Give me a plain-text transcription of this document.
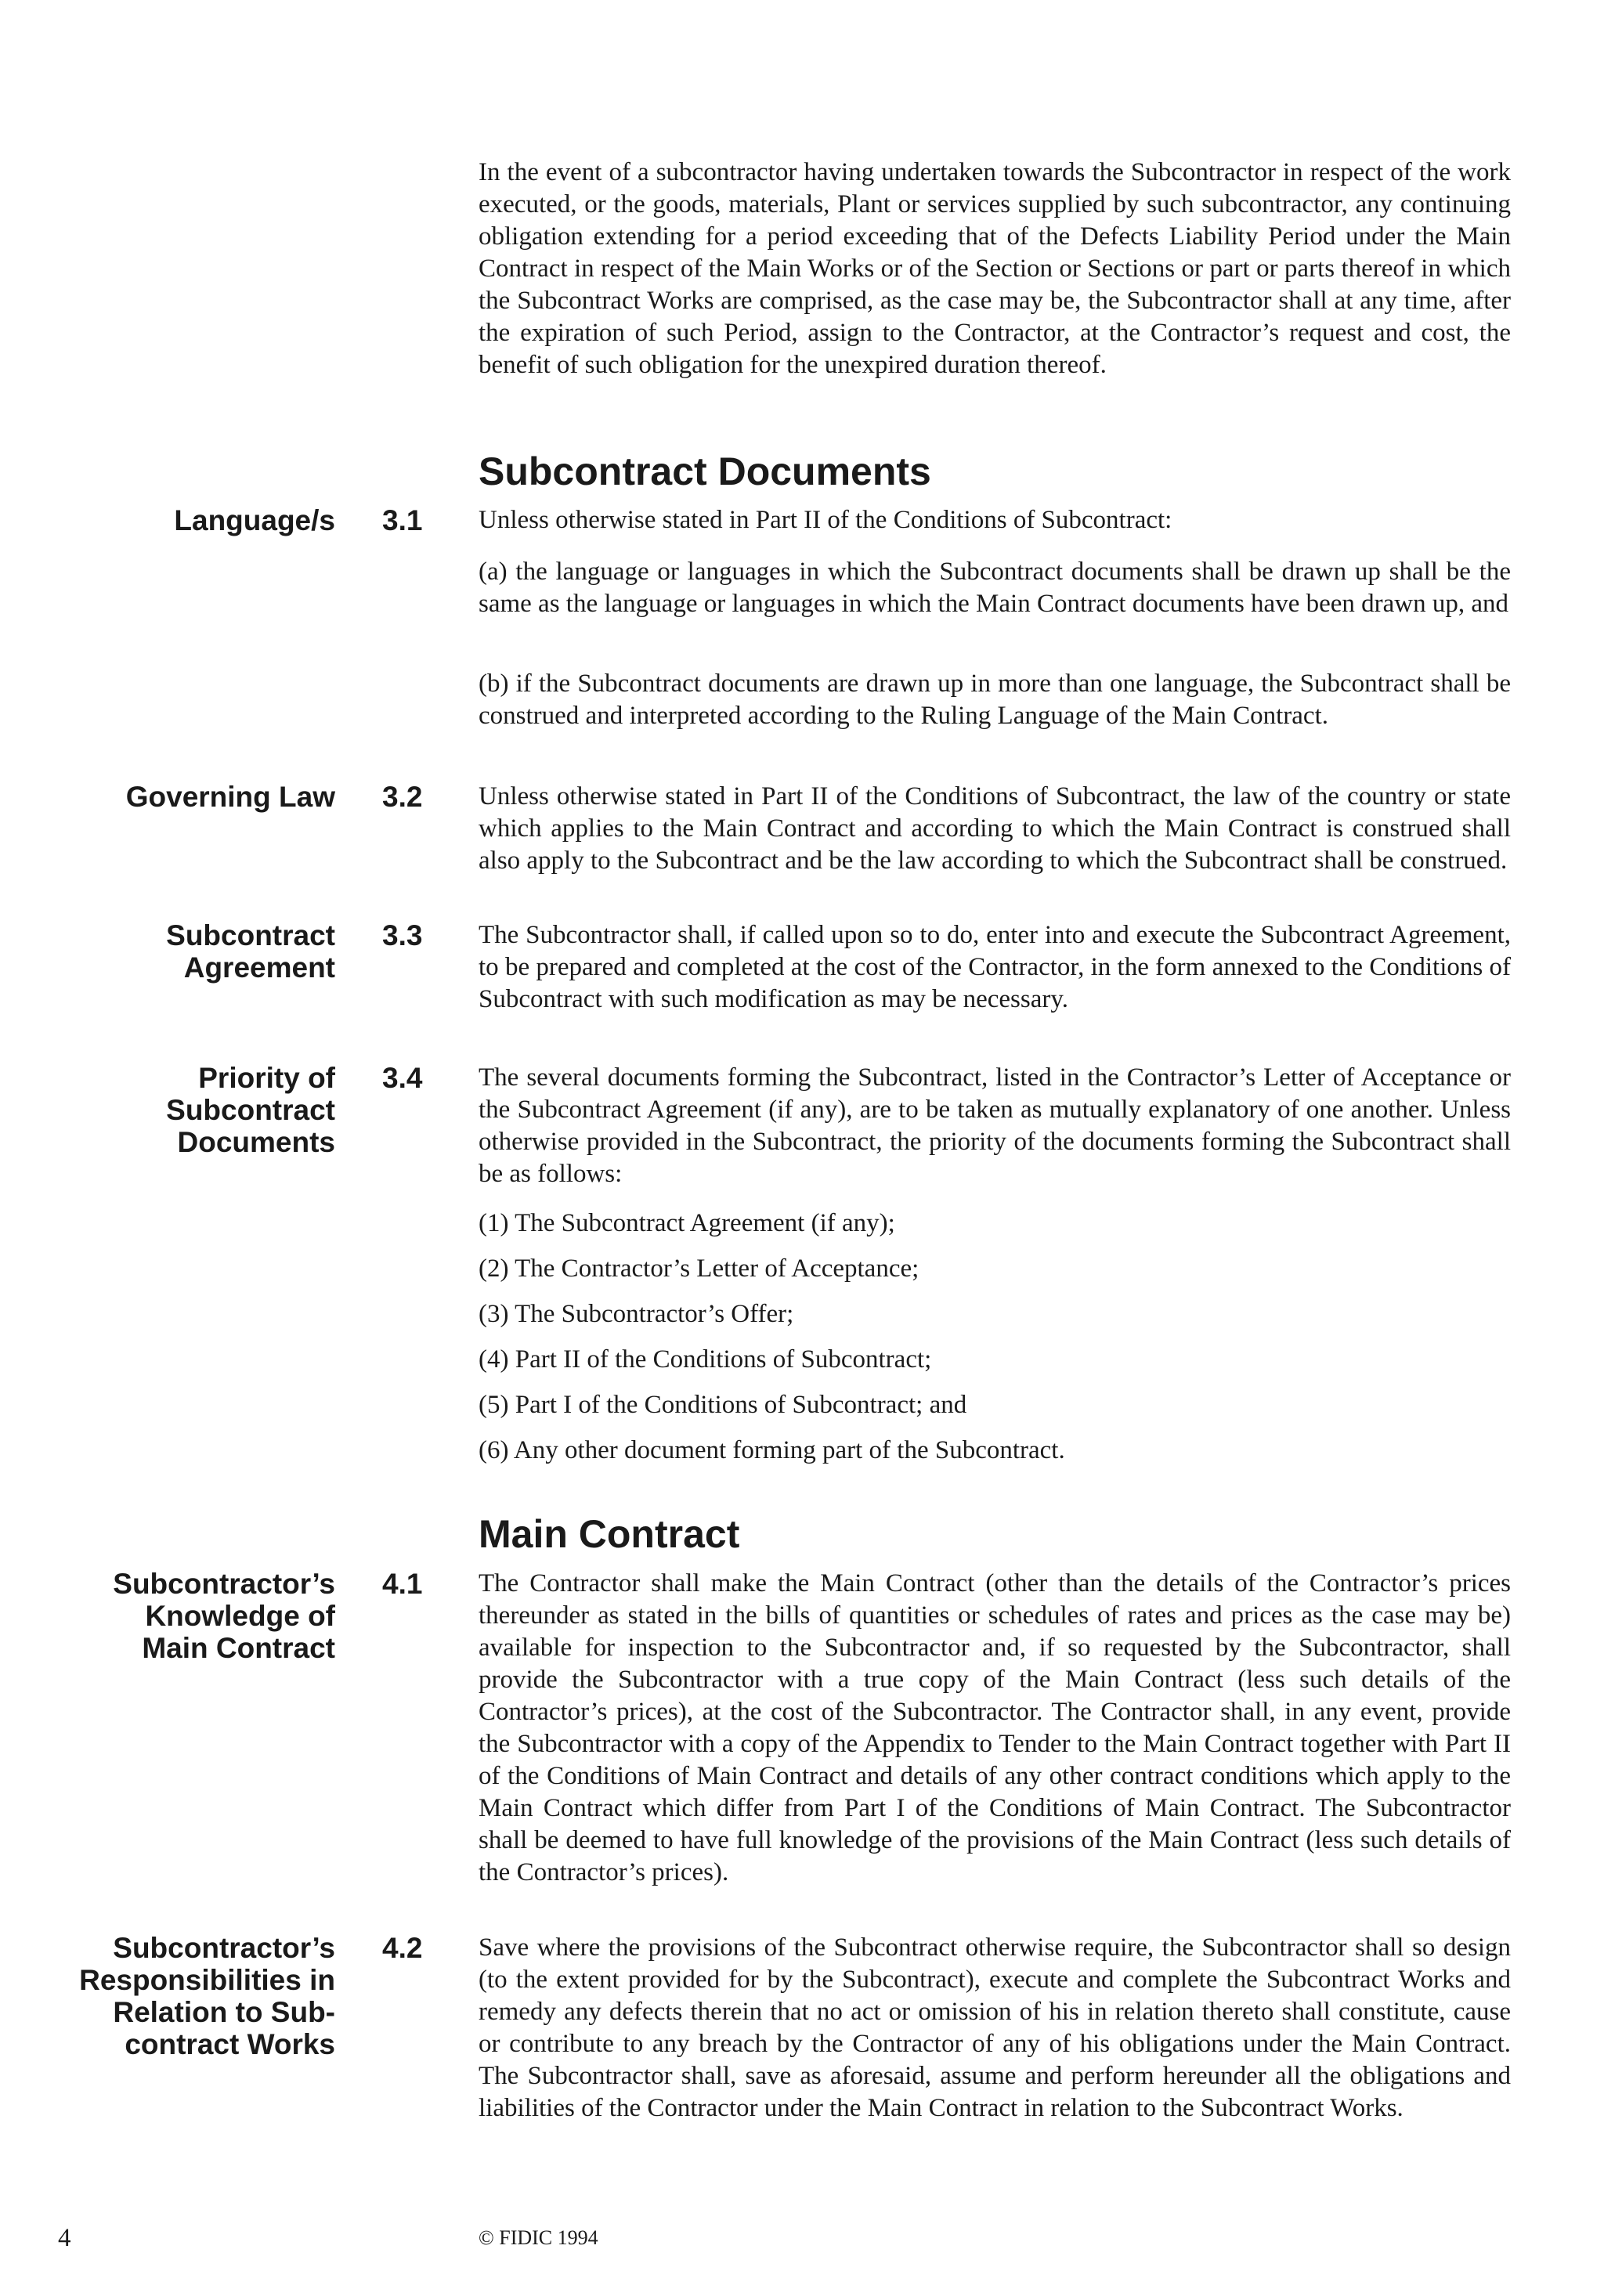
In the event of a subcontractor having undertaken towards the Subcontractor in respect of the work executed, or the goods, materials, Plant or services supplied by such subcontractor, any continuing obligation extending for a period exceeding that of the Defects Liability Period under the Main Contract in respect of the Main Works or of the Section or Sections or part or parts thereof in which the Subcontract Works are comprised, as the case may be, the Subcontractor shall at any time, after the expiration of such Period, assign to the Contractor, at the Contractor’s request and cost, the benefit of such obligation for the unexpired duration thereof.

Subcontract Documents

Language/s 3.1 Unless otherwise stated in Part II of the Conditions of Subcontract:

(a) the language or languages in which the Subcontract documents shall be drawn up shall be the same as the language or languages in which the Main Contract documents have been drawn up, and

(b) if the Subcontract documents are drawn up in more than one language, the Subcontract shall be construed and interpreted according to the Ruling Language of the Main Contract.

Governing Law 3.2 Unless otherwise stated in Part II of the Conditions of Subcontract, the law of the country or state which applies to the Main Contract and according to which the Main Contract is construed shall also apply to the Subcontract and be the law according to which the Subcontract shall be construed.

Subcontract
Agreement

3.3 The Subcontractor shall, if called upon so to do, enter into and execute the Subcontract Agreement, to be prepared and completed at the cost of the Contractor, in the form annexed to the Conditions of Subcontract with such modification as may be necessary.

Priority of
Subcontract
Documents

3.4 The several documents forming the Subcontract, listed in the Contractor’s Letter of Acceptance or the Subcontract Agreement (if any), are to be taken as mutually explanatory of one another. Unless otherwise provided in the Subcontract, the priority of the documents forming the Subcontract shall be as follows:

(1) The Subcontract Agreement (if any);

(2) The Contractor’s Letter of Acceptance;

(3) The Subcontractor’s Offer;

(4) Part II of the Conditions of Subcontract;

(5) Part I of the Conditions of Subcontract; and

(6) Any other document forming part of the Subcontract.

Main Contract
Subcontractor’s
Knowledge of
Main Contract

4.1 The Contractor shall make the Main Contract (other than the details of the Contractor’s prices thereunder as stated in the bills of quantities or schedules of rates and prices as the case may be) available for inspection to the Subcontractor and, if so requested by the Subcontractor, shall provide the Subcontractor with a true copy of the Main Contract (less such details of the Contractor’s prices), at the cost of the Subcontractor. The Contractor shall, in any event, provide the Subcontractor with a copy of the Appendix to Tender to the Main Contract together with Part II of the Conditions of Main Contract and details of any other contract conditions which apply to the Main Contract which differ from Part I of the Conditions of Main Contract. The Subcontractor shall be deemed to have full knowledge of the provisions of the Main Contract (less such details of the Contractor’s prices).

Subcontractor’s
Responsibilities in
Relation to Sub-
contract Works

4.2 Save where the provisions of the Subcontract otherwise require, the Subcontractor shall so design (to the extent provided for by the Subcontract), execute and complete the Subcontract Works and remedy any defects therein that no act or omission of his in relation thereto shall constitute, cause or contribute to any breach by the Contractor of any of his obligations under the Main Contract. The Subcontractor shall, save as aforesaid, assume and perform hereunder all the obligations and liabilities of the Contractor under the Main Contract in relation to the Subcontract Works.

4	© FIDIC 1994
